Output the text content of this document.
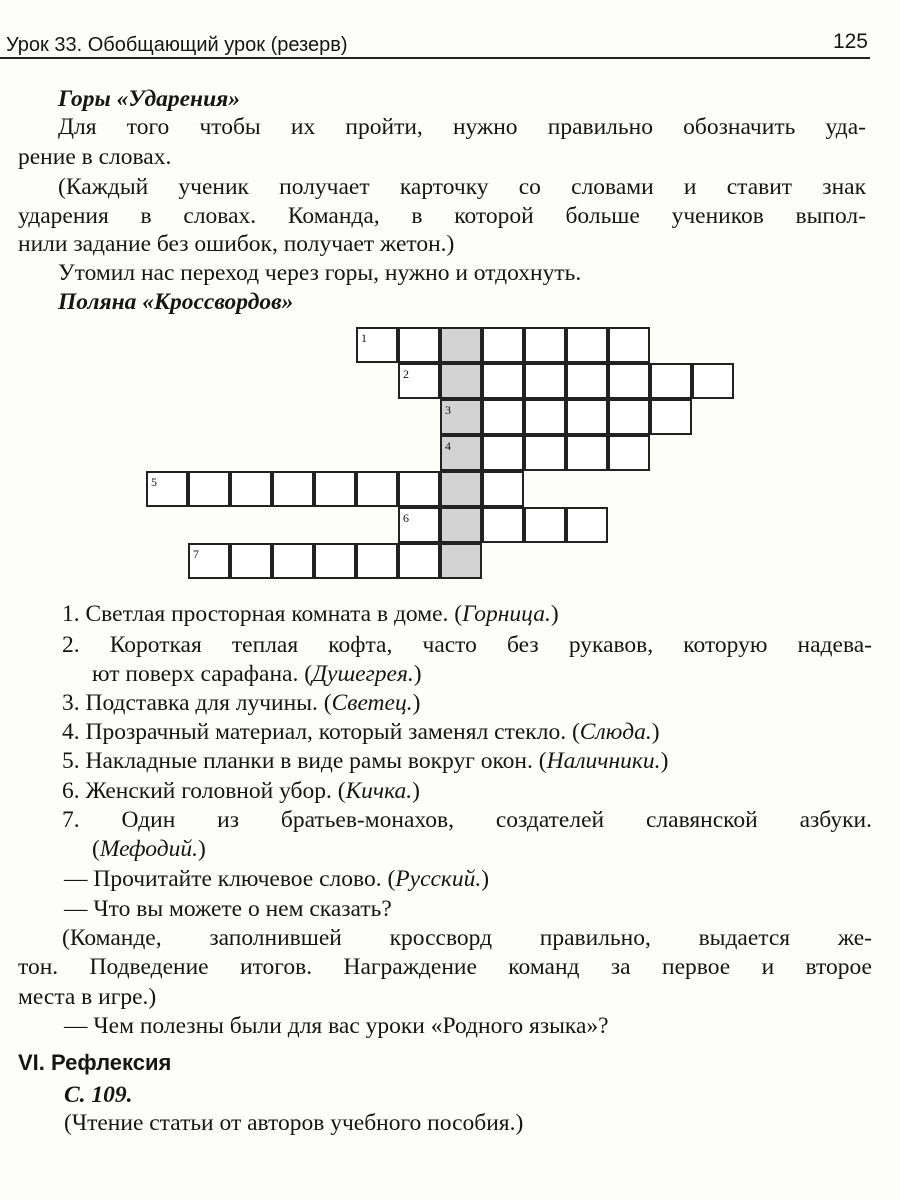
Урок 33. Обобщающий урок (резерв)	125
Горы «Ударения»
Для того чтобы их пройти, нужно правильно обозначить уда-
рение в словах.
(Каждый ученик получает карточку со словами и ставит знак
ударения в словах. Команда, в которой больше учеников выпол-
нили задание без ошибок, получает жетон.)
Утомил нас переход через горы, нужно и отдохнуть.
Поляна «Кроссвордов»
1
2
3
4
5
6
7
1. Светлая просторная комната в доме. (Горница.)
2. Короткая теплая кофта, часто без рукавов, которую надева-
ют поверх сарафана. (Душегрея.)
3. Подставка для лучины. (Светец.)
4. Прозрачный материал, который заменял стекло. (Слюда.)
5. Накладные планки в виде рамы вокруг окон. (Наличники.)
6. Женский головной убор. (Кичка.)
7. Один из братьев-монахов, создателей славянской азбуки.
(Мефодий.)
— Прочитайте ключевое слово. (Русский.)
— Что вы можете о нем сказать?
(Команде, заполнившей кроссворд правильно, выдается же-
тон. Подведение итогов. Награждение команд за первое и второе
места в игре.)
— Чем полезны были для вас уроки «Родного языка»?
VI. Рефлексия
С. 109.
(Чтение статьи от авторов учебного пособия.)
